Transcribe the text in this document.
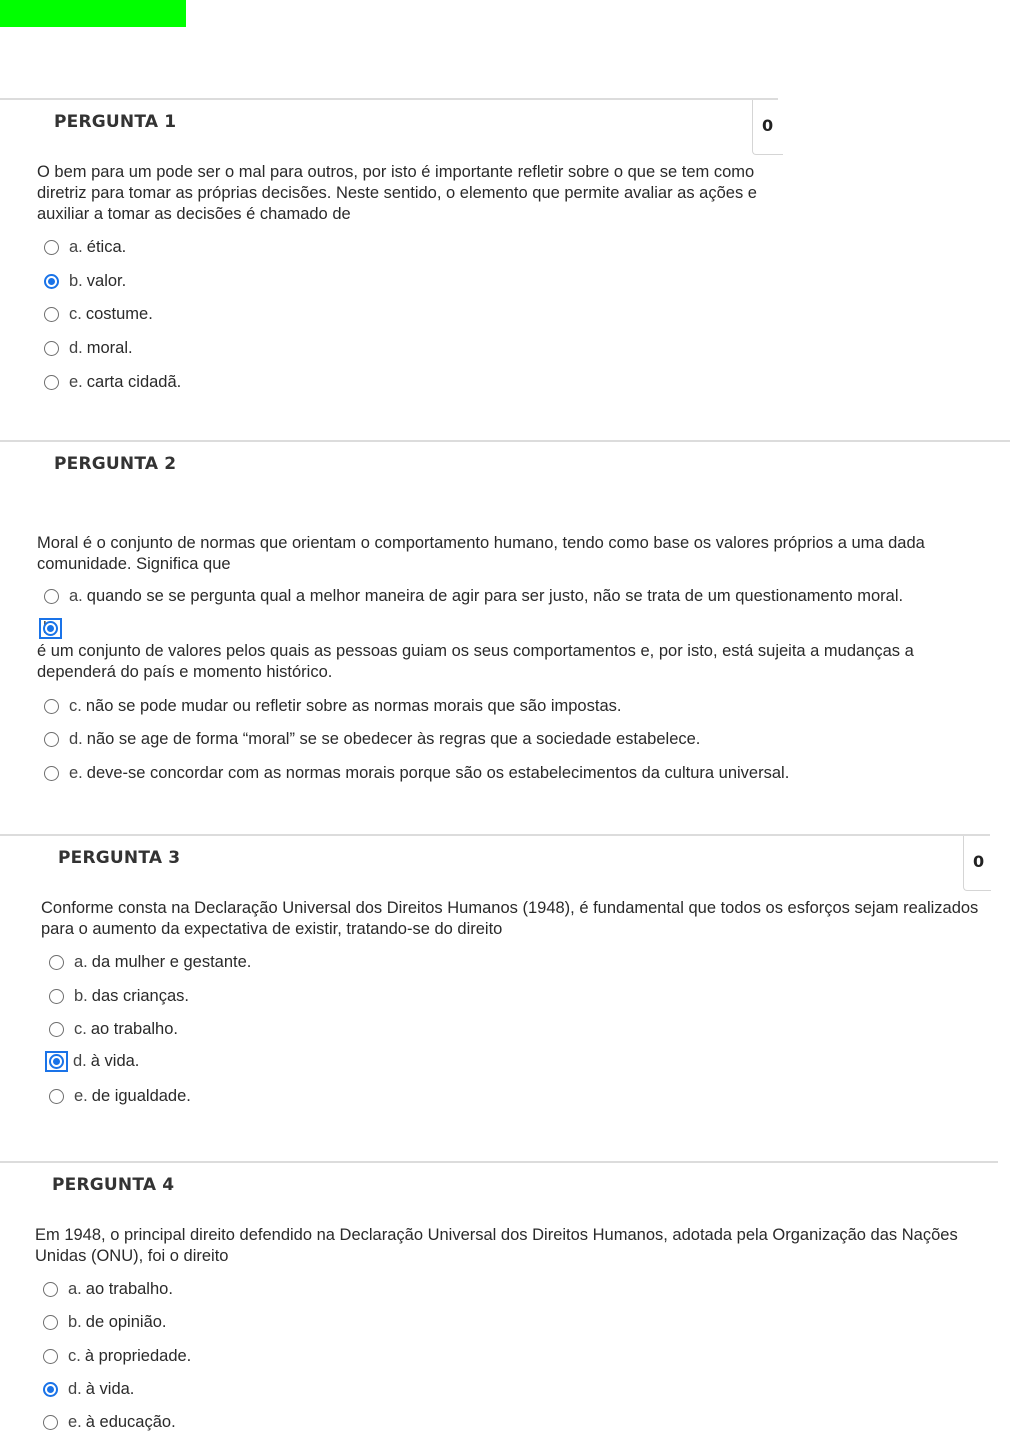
PERGUNTA 1	0
O bem para um pode ser o mal para outros, por isto é importante refletir sobre o que se tem como diretriz para tomar as próprias decisões. Neste sentido, o elemento que permite avaliar as ações e auxiliar a tomar as decisões é chamado de
a. ética.
b. valor.
c. costume.
d. moral.
e. carta cidadã.
PERGUNTA 2
Moral é o conjunto de normas que orientam o comportamento humano, tendo como base os valores próprios a uma dada comunidade. Significa que
a. quando se se pergunta qual a melhor maneira de agir para ser justo, não se trata de um questionamento moral.
é um conjunto de valores pelos quais as pessoas guiam os seus comportamentos e, por isto, está sujeita a mudanças a dependerá do país e momento histórico.
c. não se pode mudar ou refletir sobre as normas morais que são impostas.
d. não se age de forma “moral” se se obedecer às regras que a sociedade estabelece.
e. deve-se concordar com as normas morais porque são os estabelecimentos da cultura universal.
PERGUNTA 3	0
Conforme consta na Declaração Universal dos Direitos Humanos (1948), é fundamental que todos os esforços sejam realizados para o aumento da expectativa de existir, tratando-se do direito
a. da mulher e gestante.
b. das crianças.
c. ao trabalho.
d. à vida.
e. de igualdade.
PERGUNTA 4
Em 1948, o principal direito defendido na Declaração Universal dos Direitos Humanos, adotada pela Organização das Nações Unidas (ONU), foi o direito
a. ao trabalho.
b. de opinião.
c. à propriedade.
d. à vida.
e. à educação.
